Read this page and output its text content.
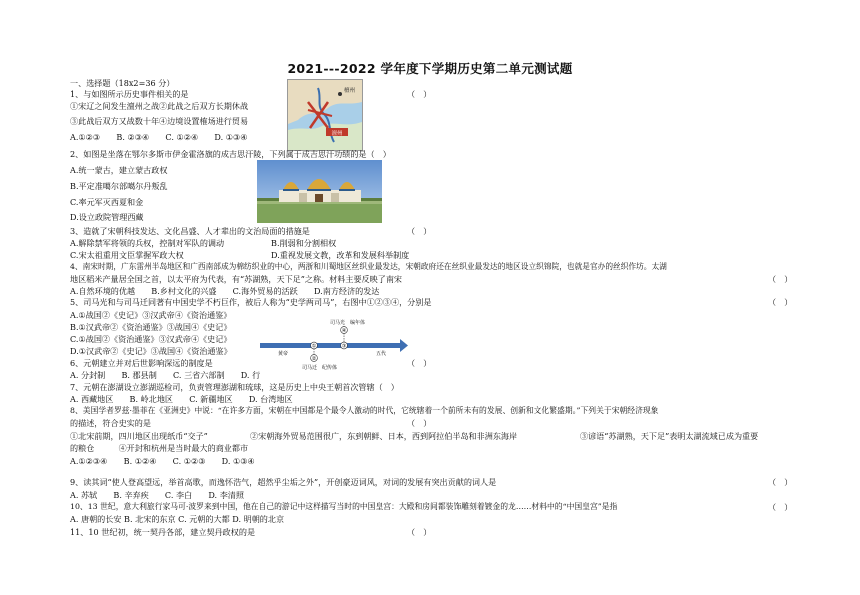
2021---2022 学年度下学期历史第二单元测试题
一、选择题（18x2=36 分）
1、与如图所示历史事件相关的是	（　）
①宋辽之间发生澶州之战②此战之后双方长期休战
③此战后双方又战数十年④边境设置榷场进行贸易
A.①②③　　B. ②③④　　C. ①②④　　D. ①③④	澶州
檀州
2、如图是坐落在鄂尔多斯市伊金霍洛旗的成吉思汗陵，下列属于成吉思汗功绩的是（　）
A.统一蒙古，建立蒙古政权
B.平定准噶尔部噶尔丹叛乱
C.率元军灭西夏和金
D.设立政院管理西藏
3、造就了宋朝科技发达、文化昌盛、人才辈出的文治局面的措施是	（　）
A.解除禁军将领的兵权，控制对军队的调动	B.削弱和分割相权
C.宋太祖重用文臣掌握军政大权	D.重视发展文教，改革和发展科举制度
4、南宋时期，广东雷州半岛地区和广西南部成为棉纺织业的中心，两浙和川蜀地区丝织业最发达，宋朝政府还在丝织业最发达的地区设立织锦院，也就是官办的丝织作坊。太湖
地区稻米产量居全国之首，以太平府为代表，有“苏湖熟，天下足”之称。材料主要反映了南宋	（　）
A.自然环境的优越　　B.乡村文化的兴盛　　C.海外贸易的活跃　　D.南方经济的发达
5、司马光和与司马迁同著有中国史学不朽巨作，被后人称为“史学两司马”，右图中①②③④，分别是	（　）
A.①战国②《史记》③汉武帝④《资治通鉴》
B.①汉武帝②《资治通鉴》③战国④《史记》
C.①战国②《资治通鉴》③汉武帝④《史记》
D.①汉武帝②《史记》③战国④《资治通鉴》
司马光　编年体
④
黄帝	五代
①	③
②
司马迁　纪传体
6、元朝建立并对后世影响深远的制度是	（　）
A. 分封制　　B. 郡县制　　C. 三省六部制　　D. 行
7、元朝在澎湖设立澎湖巡检司，负责管理澎湖和琉球，这是历史上中央王朝首次管辖（　）
A. 西藏地区　　B. 岭北地区　　C. 新疆地区　　D. 台湾地区
8、美国学者罗兹·墨菲在《亚洲史》中说：“在许多方面，宋朝在中国都是个最令人激动的时代，它统辖着一个前所未有的发展、创新和文化繁盛期。”下列关于宋朝经济现象
的描述，符合史实的是	（　）
①北宋前期，四川地区出现纸币“交子”	②宋朝海外贸易范围很广，东到朝鲜、日本，西到阿拉伯半岛和非洲东海岸	③谚语“苏湖熟，天下足”表明太湖流域已成为重要
的粮仓　　　④开封和杭州是当时最大的商业都市
A.①②③④　　B. ①②④　　C. ①②③　　D. ①③④
9、读其词“使人登高望远，举首高歌，而逸怀浩气，超然乎尘垢之外”，开创豪迈词风，对词的发展有突出贡献的词人是	（　）
A. 苏轼　　B. 辛弃疾　　C. 李白　　D. 李清照
10、13 世纪，意大利旅行家马可·波罗来到中国，他在自己的游记中这样描写当时的中国皇宫：大殿和房间都装饰雕刻着镀金的龙……材料中的“中国皇宫”是指	（　）
A. 唐朝的长安 B. 北宋的东京 C. 元朝的大都 D. 明朝的北京
11、10 世纪初，统一契丹各部，建立契丹政权的是	（　）
